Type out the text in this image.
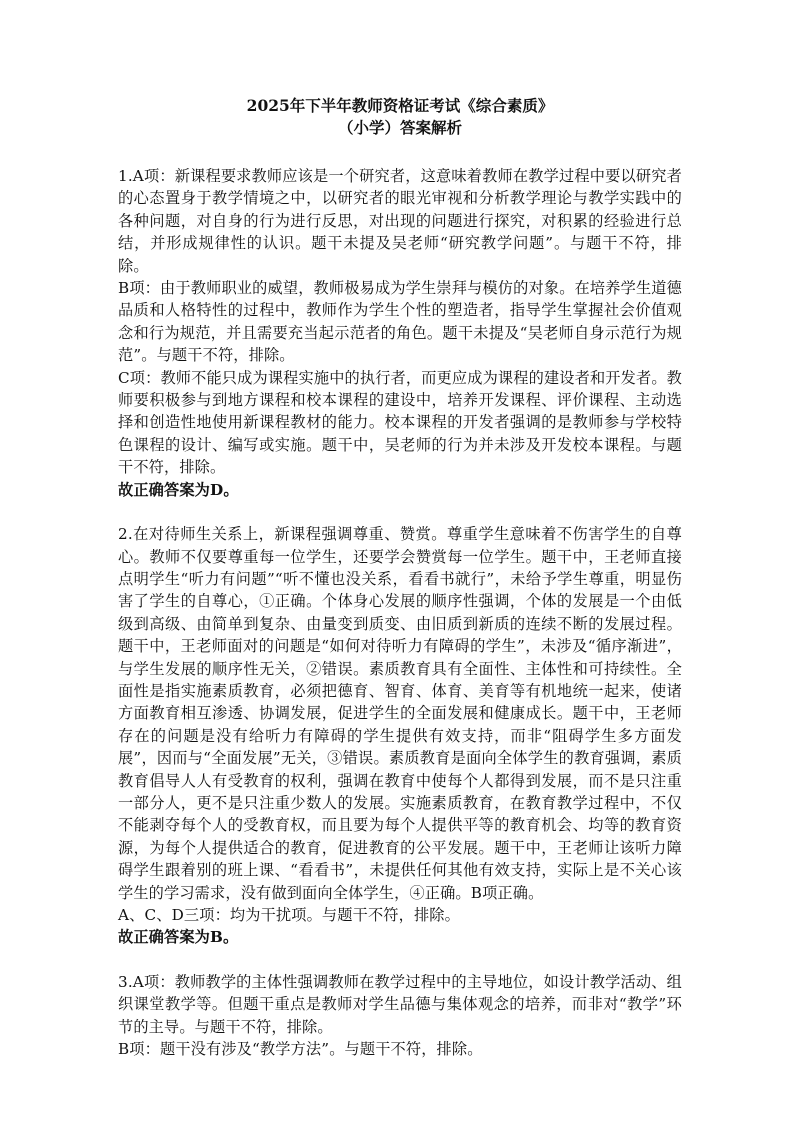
2025年下半年教师资格证考试《综合素质》
（小学）答案解析

1.A项：新课程要求教师应该是一个研究者，这意味着教师在教学过程中要以研究者的心态置身于教学情境之中，以研究者的眼光审视和分析教学理论与教学实践中的各种问题，对自身的行为进行反思，对出现的问题进行探究，对积累的经验进行总结，并形成规律性的认识。题干未提及吴老师“研究教学问题”。与题干不符，排除。

B项：由于教师职业的威望，教师极易成为学生崇拜与模仿的对象。在培养学生道德品质和人格特性的过程中，教师作为学生个性的塑造者，指导学生掌握社会价值观念和行为规范，并且需要充当起示范者的角色。题干未提及“吴老师自身示范行为规范”。与题干不符，排除。

C项：教师不能只成为课程实施中的执行者，而更应成为课程的建设者和开发者。教师要积极参与到地方课程和校本课程的建设中，培养开发课程、评价课程、主动选择和创造性地使用新课程教材的能力。校本课程的开发者强调的是教师参与学校特色课程的设计、编写或实施。题干中，吴老师的行为并未涉及开发校本课程。与题干不符，排除。

故正确答案为D。

2.在对待师生关系上，新课程强调尊重、赞赏。尊重学生意味着不伤害学生的自尊心。教师不仅要尊重每一位学生，还要学会赞赏每一位学生。题干中，王老师直接点明学生“听力有问题”“听不懂也没关系，看看书就行”，未给予学生尊重，明显伤害了学生的自尊心，①正确。个体身心发展的顺序性强调，个体的发展是一个由低级到高级、由简单到复杂、由量变到质变、由旧质到新质的连续不断的发展过程。题干中，王老师面对的问题是“如何对待听力有障碍的学生”，未涉及“循序渐进”，与学生发展的顺序性无关，②错误。素质教育具有全面性、主体性和可持续性。全面性是指实施素质教育，必须把德育、智育、体育、美育等有机地统一起来，使诸方面教育相互渗透、协调发展，促进学生的全面发展和健康成长。题干中，王老师存在的问题是没有给听力有障碍的学生提供有效支持，而非“阻碍学生多方面发展”，因而与“全面发展”无关，③错误。素质教育是面向全体学生的教育强调，素质教育倡导人人有受教育的权利，强调在教育中使每个人都得到发展，而不是只注重一部分人，更不是只注重少数人的发展。实施素质教育，在教育教学过程中，不仅不能剥夺每个人的受教育权，而且要为每个人提供平等的教育机会、均等的教育资源，为每个人提供适合的教育，促进教育的公平发展。题干中，王老师让该听力障碍学生跟着别的班上课、“看看书”，未提供任何其他有效支持，实际上是不关心该学生的学习需求，没有做到面向全体学生，④正确。B项正确。

A、C、D三项：均为干扰项。与题干不符，排除。

故正确答案为B。

3.A项：教师教学的主体性强调教师在教学过程中的主导地位，如设计教学活动、组织课堂教学等。但题干重点是教师对学生品德与集体观念的培养，而非对“教学”环节的主导。与题干不符，排除。

B项：题干没有涉及“教学方法”。与题干不符，排除。
